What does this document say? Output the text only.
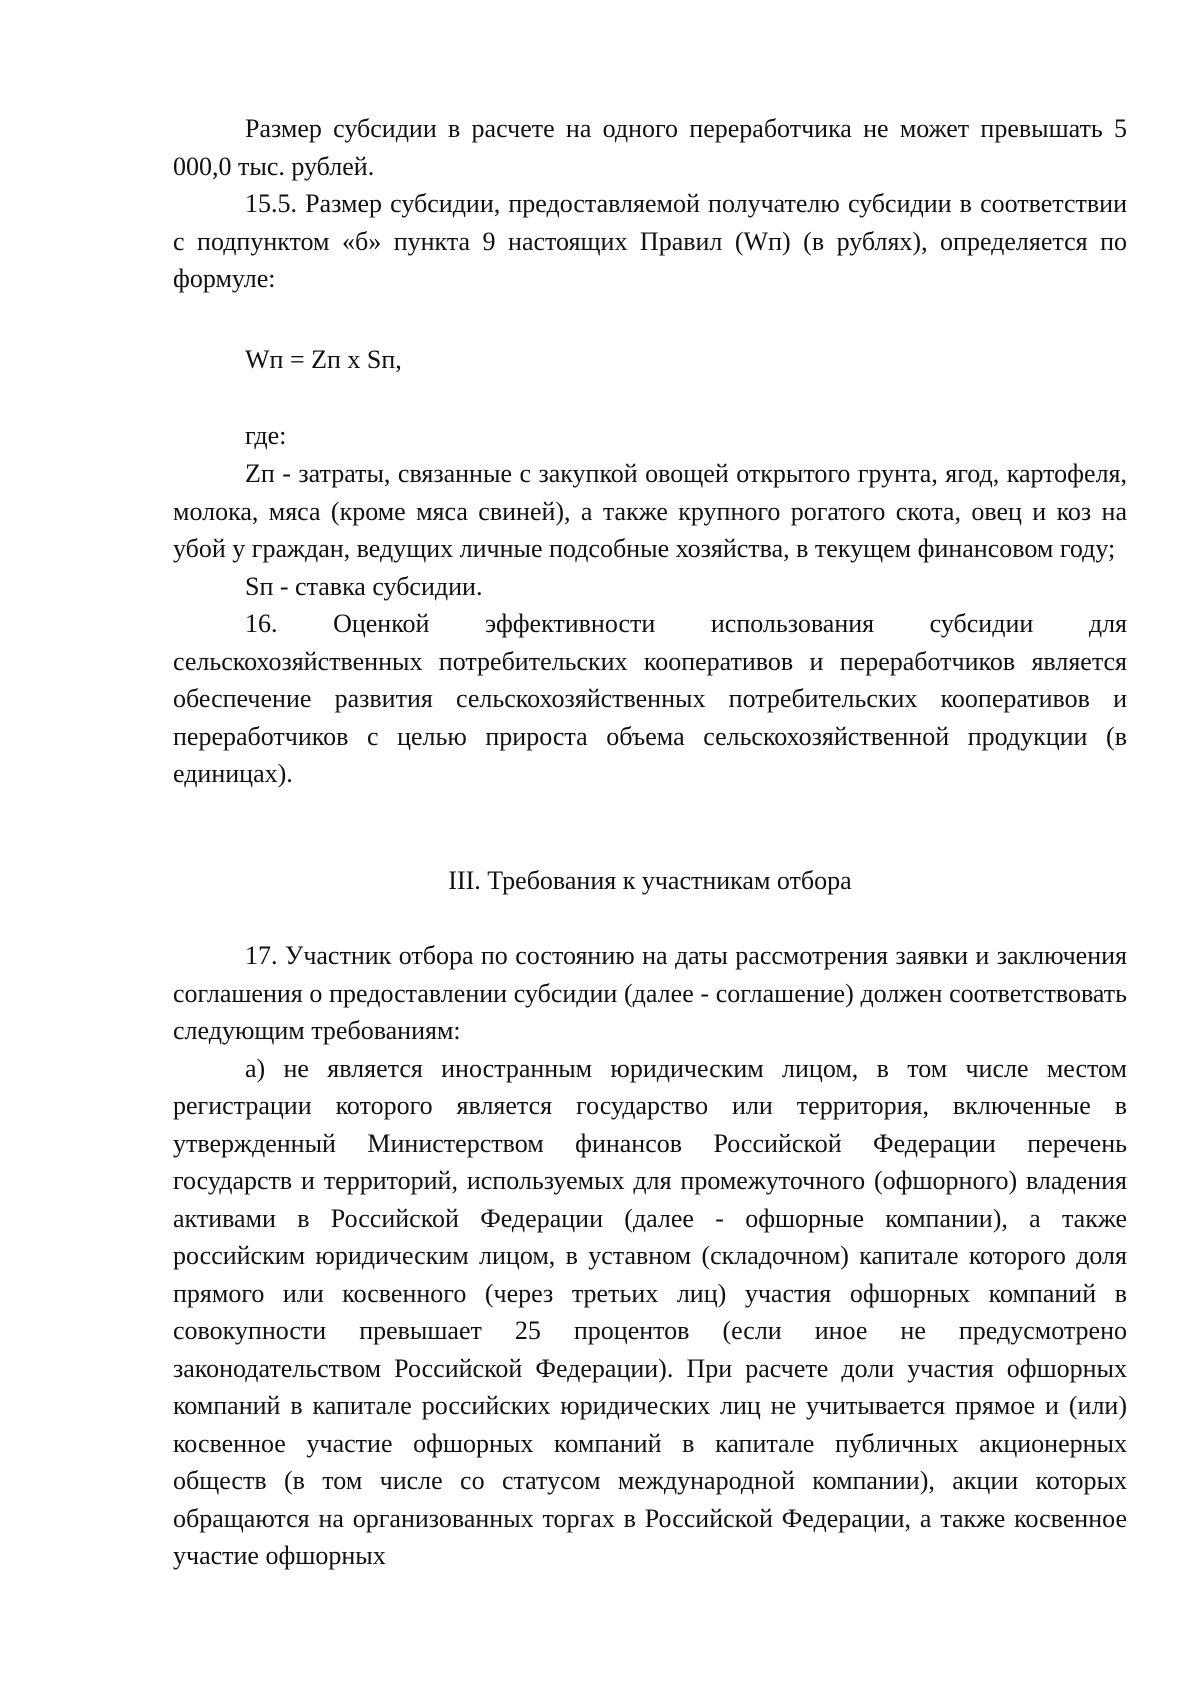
Размер субсидии в расчете на одного переработчика не может превышать 5 000,0 тыс. рублей.

15.5. Размер субсидии, предоставляемой получателю субсидии в соответствии с подпунктом «б» пункта 9 настоящих Правил (Wп) (в рублях), определяется по формуле:

Wп = Zп х Sп,
где:

Zп - затраты, связанные с закупкой овощей открытого грунта, ягод, картофеля, молока, мяса (кроме мяса свиней), а также крупного рогатого скота, овец и коз на убой у граждан, ведущих личные подсобные хозяйства, в текущем финансовом году;

Sп - ставка субсидии.

16. Оценкой эффективности использования субсидии для сельскохозяйственных потребительских кооперативов и переработчиков является обеспечение развития сельскохозяйственных потребительских кооперативов и переработчиков с целью прироста объема сельскохозяйственной продукции (в единицах).

III. Требования к участникам отбора

17. Участник отбора по состоянию на даты рассмотрения заявки и заключения соглашения о предоставлении субсидии (далее - соглашение) должен соответствовать следующим требованиям:

а) не является иностранным юридическим лицом, в том числе местом регистрации которого является государство или территория, включенные в утвержденный Министерством финансов Российской Федерации перечень государств и территорий, используемых для промежуточного (офшорного) владения активами в Российской Федерации (далее - офшорные компании), а также российским юридическим лицом, в уставном (складочном) капитале которого доля прямого или косвенного (через третьих лиц) участия офшорных компаний в совокупности превышает 25 процентов (если иное не предусмотрено законодательством Российской Федерации). При расчете доли участия офшорных компаний в капитале российских юридических лиц не учитывается прямое и (или) косвенное участие офшорных компаний в капитале публичных акционерных обществ (в том числе со статусом международной компании), акции которых обращаются на организованных торгах в Российской Федерации, а также косвенное участие офшорных
